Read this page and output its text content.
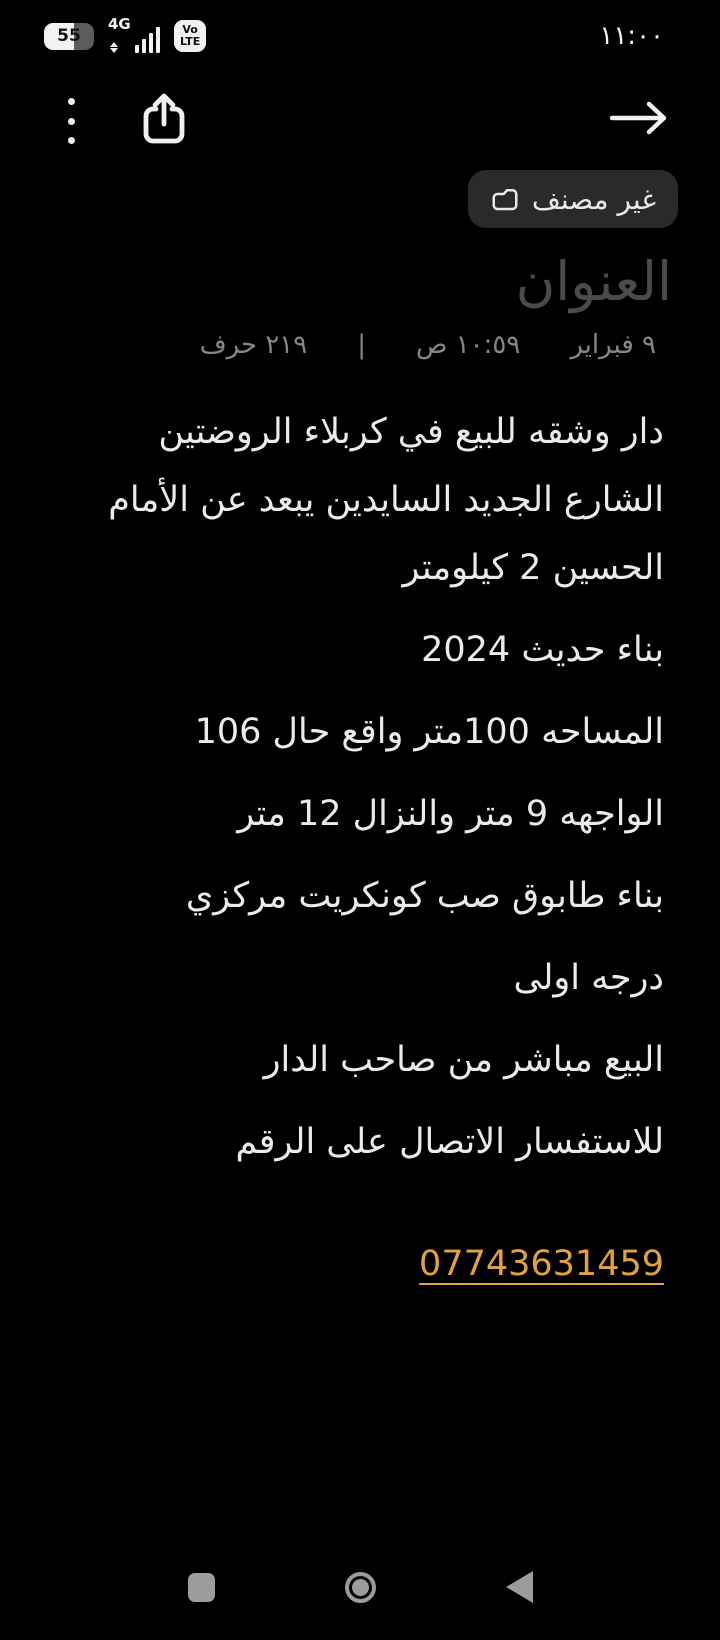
55
4G	Vo
LTE	١١:٠٠
غير مصنف
العنوان
٩ فبراير
١٠:٥٩ ص
|
٢١٩ حرف

دار وشقه للبيع في كربلاء الروضتين الشارع الجديد السايدين يبعد عن الأمام الحسين 2 كيلومتر

بناء حديث 2024

المساحه 100متر واقع حال 106

الواجهه 9 متر والنزال 12 متر

بناء طابوق صب كونكريت مركزي

درجه اولى

البيع مباشر من صاحب الدار

للاستفسار الاتصال على الرقم

07743631459
